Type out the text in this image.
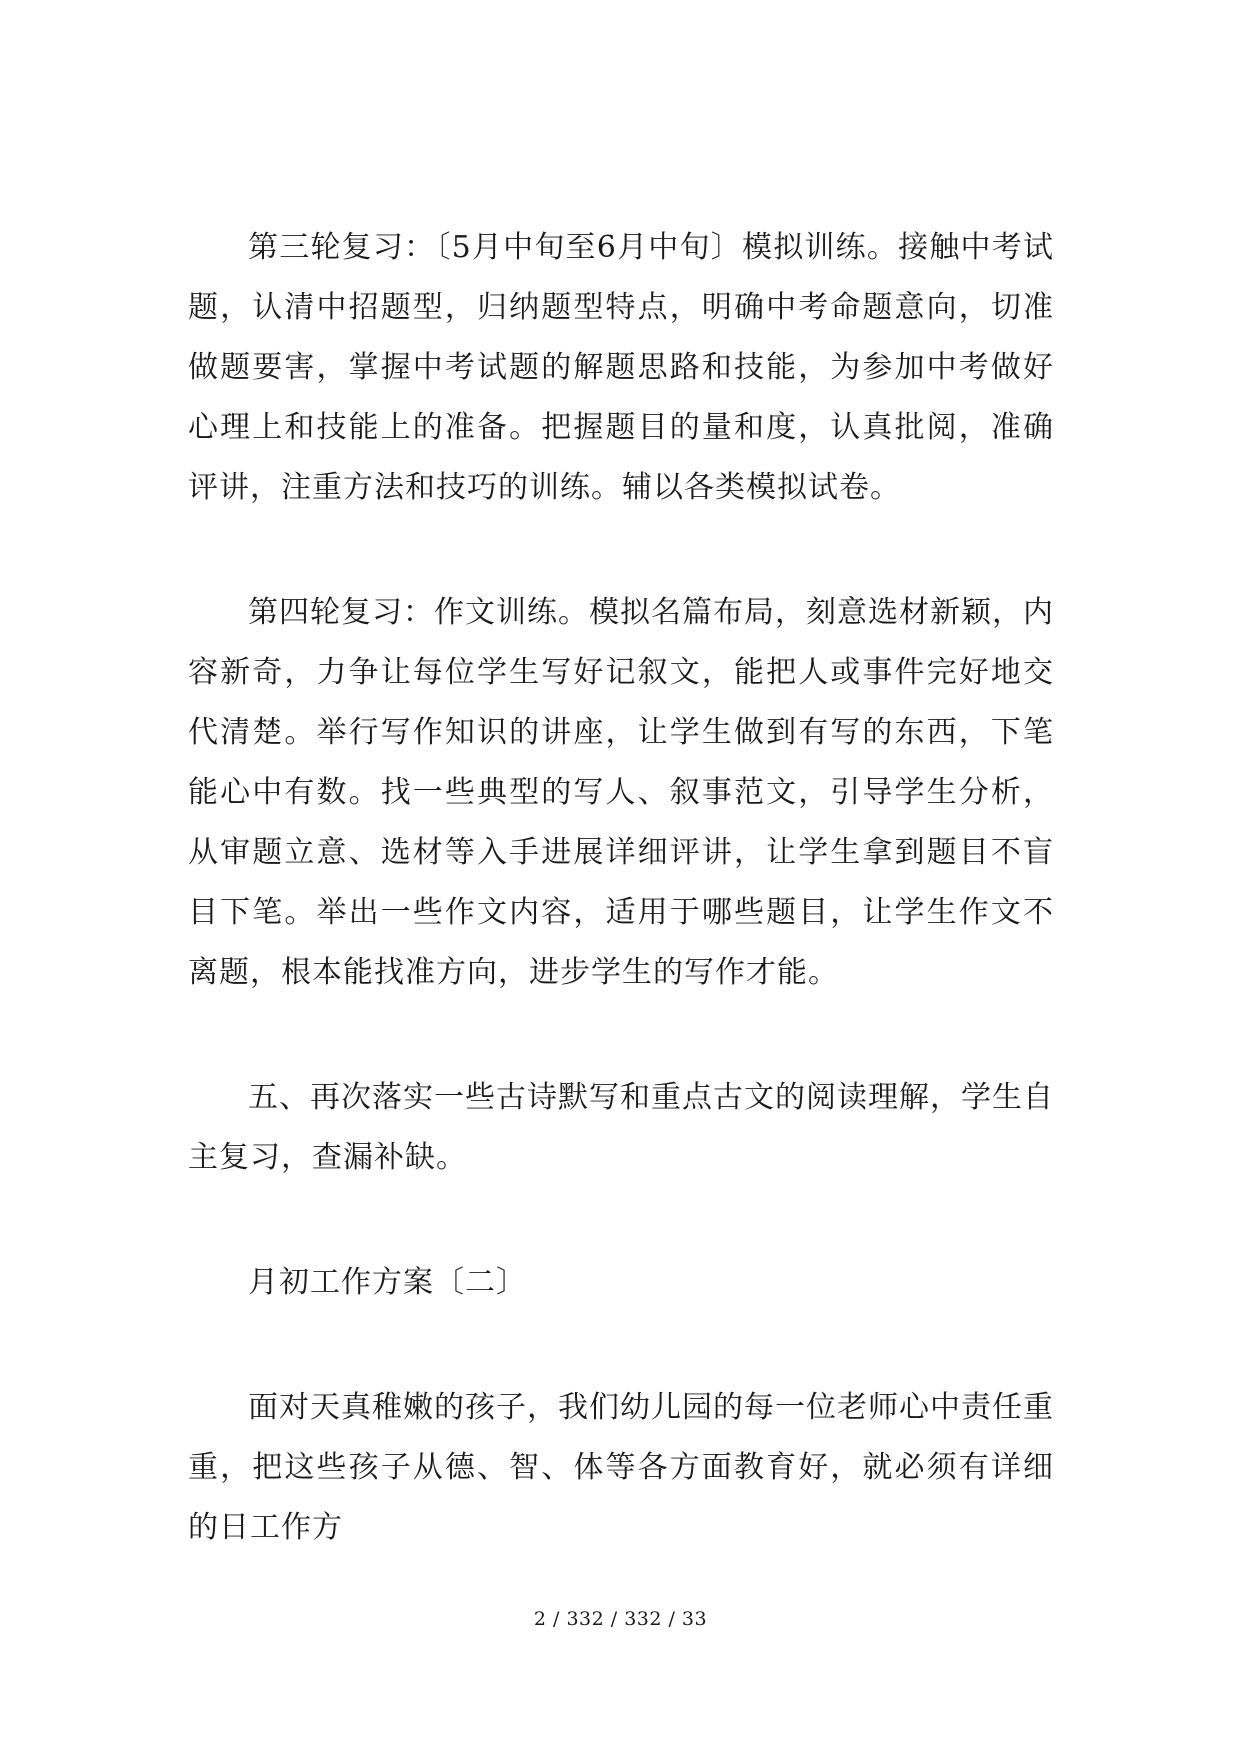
第三轮复习：〔5月中旬至6月中旬〕模拟训练。接触中考试题，认清中招题型，归纳题型特点，明确中考命题意向，切准做题要害，掌握中考试题的解题思路和技能，为参加中考做好心理上和技能上的准备。把握题目的量和度，认真批阅，准确评讲，注重方法和技巧的训练。辅以各类模拟试卷。

第四轮复习：作文训练。模拟名篇布局，刻意选材新颖，内容新奇，力争让每位学生写好记叙文，能把人或事件完好地交代清楚。举行写作知识的讲座，让学生做到有写的东西，下笔能心中有数。找一些典型的写人、叙事范文，引导学生分析，从审题立意、选材等入手进展详细评讲，让学生拿到题目不盲目下笔。举出一些作文内容，适用于哪些题目，让学生作文不离题，根本能找准方向，进步学生的写作才能。

五、再次落实一些古诗默写和重点古文的阅读理解，学生自主复习，查漏补缺。

月初工作方案〔二〕

面对天真稚嫩的孩子，我们幼儿园的每一位老师心中责任重重，把这些孩子从德、智、体等各方面教育好，就必须有详细的日工作方

2 / 332 / 332 / 33
